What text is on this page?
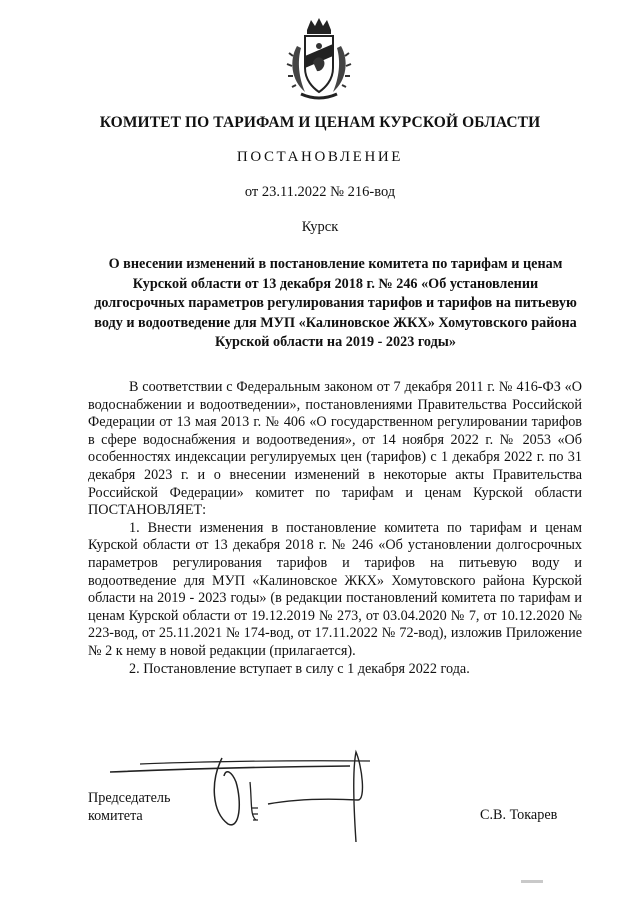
КОМИТЕТ ПО ТАРИФАМ И ЦЕНАМ КУРСКОЙ ОБЛАСТИ
ПОСТАНОВЛЕНИЕ
от 23.11.2022 № 216-вод
Курск
О внесении изменений в постановление комитета по тарифам и ценам Курской области от 13 декабря 2018 г. № 246 «Об установлении долгосрочных параметров регулирования тарифов и тарифов на питьевую воду и водоотведение для МУП «Калиновское ЖКХ» Хомутовского района Курской области на 2019 - 2023 годы»

В соответствии с Федеральным законом от 7 декабря 2011 г. № 416-ФЗ «О водоснабжении и водоотведении», постановлениями Правительства Российской Федерации от 13 мая 2013 г. № 406 «О государственном регулировании тарифов в сфере водоснабжения и водоотведения», от 14 ноября 2022 г. № 2053 «Об особенностях индексации регулируемых цен (тарифов) с 1 декабря 2022 г. по 31 декабря 2023 г. и о внесении изменений в некоторые акты Правительства Российской Федерации» комитет по тарифам и ценам Курской области ПОСТАНОВЛЯЕТ:

1. Внести изменения в постановление комитета по тарифам и ценам Курской области от 13 декабря 2018 г. № 246 «Об установлении долгосрочных параметров регулирования тарифов и тарифов на питьевую воду и водоотведение для МУП «Калиновское ЖКХ» Хомутовского района Курской области на 2019 - 2023 годы» (в редакции постановлений комитета по тарифам и ценам Курской области от 19.12.2019 № 273, от 03.04.2020 № 7, от 10.12.2020 № 223-вод, от 25.11.2021 № 174-вод, от 17.11.2022 № 72-вод), изложив Приложение № 2 к нему в новой редакции (прилагается).

2. Постановление вступает в силу с 1 декабря 2022 года.

Председатель
комитета	С.В. Токарев
